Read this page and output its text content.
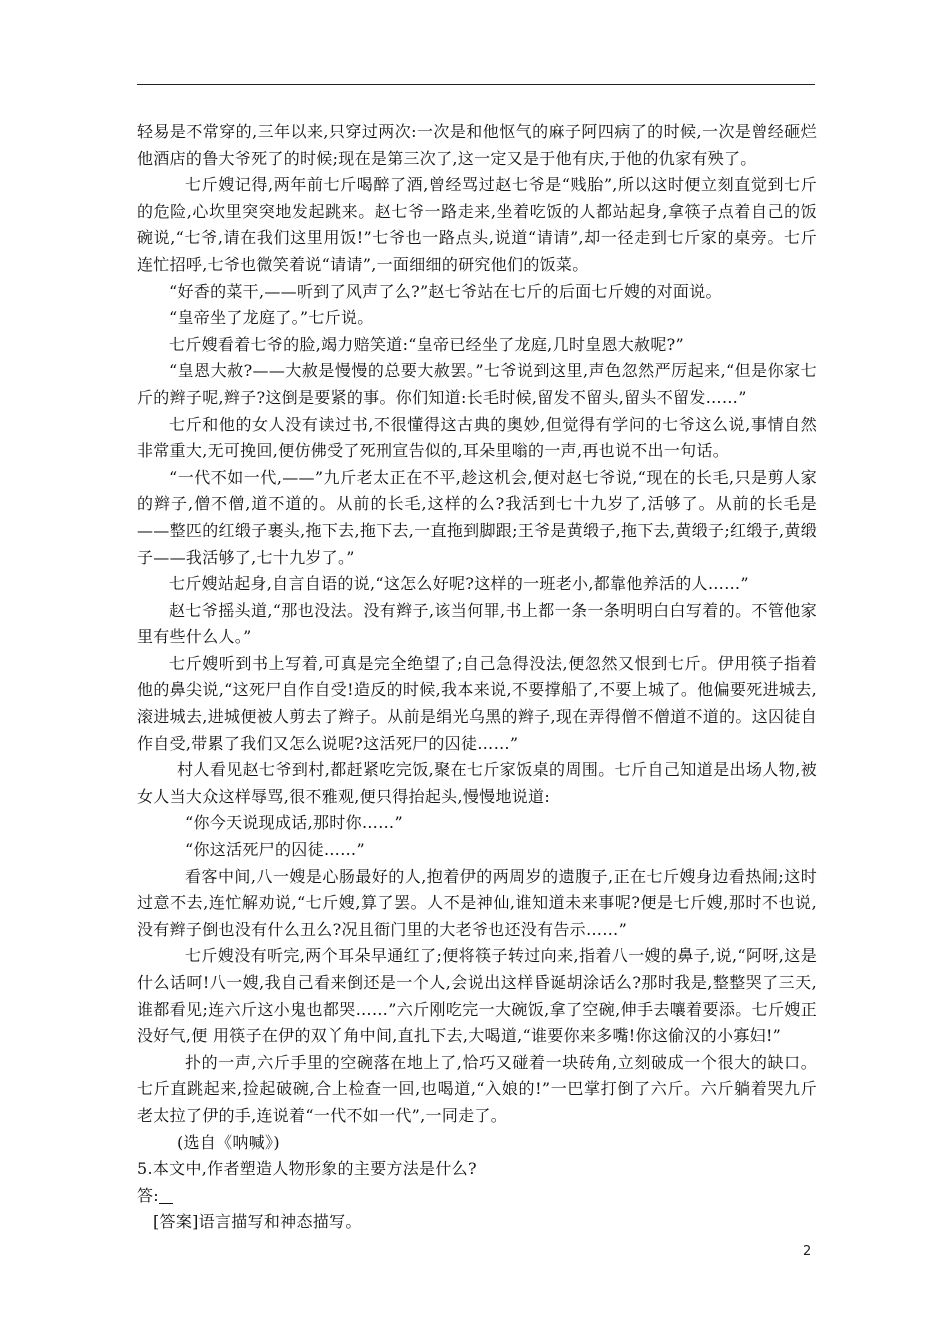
轻易是不常穿的,三年以来,只穿过两次:一次是和他怄气的麻子阿四病了的时候,一次是曾经砸烂他酒店的鲁大爷死了的时候;现在是第三次了,这一定又是于他有庆,于他的仇家有殃了。

七斤嫂记得,两年前七斤喝醉了酒,曾经骂过赵七爷是“贱胎”,所以这时便立刻直觉到七斤的危险,心坎里突突地发起跳来。赵七爷一路走来,坐着吃饭的人都站起身,拿筷子点着自己的饭碗说,“七爷,请在我们这里用饭!”七爷也一路点头,说道“请请”,却一径走到七斤家的桌旁。七斤连忙招呼,七爷也微笑着说“请请”,一面细细的研究他们的饭菜。

“好香的菜干,——听到了风声了么?”赵七爷站在七斤的后面七斤嫂的对面说。

“皇帝坐了龙庭了。”七斤说。

七斤嫂看着七爷的脸,竭力赔笑道:“皇帝已经坐了龙庭,几时皇恩大赦呢?”

“皇恩大赦?——大赦是慢慢的总要大赦罢。”七爷说到这里,声色忽然严厉起来,“但是你家七斤的辫子呢,辫子?这倒是要紧的事。你们知道:长毛时候,留发不留头,留头不留发……”

七斤和他的女人没有读过书,不很懂得这古典的奥妙,但觉得有学问的七爷这么说,事情自然非常重大,无可挽回,便仿佛受了死刑宣告似的,耳朵里嗡的一声,再也说不出一句话。

“一代不如一代,——”九斤老太正在不平,趁这机会,便对赵七爷说,“现在的长毛,只是剪人家的辫子,僧不僧,道不道的。从前的长毛,这样的么?我活到七十九岁了,活够了。从前的长毛是——整匹的红缎子裹头,拖下去,拖下去,一直拖到脚跟;王爷是黄缎子,拖下去,黄缎子;红缎子,黄缎子——我活够了,七十九岁了。”

七斤嫂站起身,自言自语的说,“这怎么好呢?这样的一班老小,都靠他养活的人……”

赵七爷摇头道,“那也没法。没有辫子,该当何罪,书上都一条一条明明白白写着的。不管他家里有些什么人。”

七斤嫂听到书上写着,可真是完全绝望了;自己急得没法,便忽然又恨到七斤。伊用筷子指着他的鼻尖说,“这死尸自作自受!造反的时候,我本来说,不要撑船了,不要上城了。他偏要死进城去,滚进城去,进城便被人剪去了辫子。从前是绢光乌黑的辫子,现在弄得僧不僧道不道的。这囚徒自作自受,带累了我们又怎么说呢?这活死尸的囚徒……”

村人看见赵七爷到村,都赶紧吃完饭,聚在七斤家饭桌的周围。七斤自己知道是出场人物,被女人当大众这样辱骂,很不雅观,便只得抬起头,慢慢地说道:

“你今天说现成话,那时你……”

“你这活死尸的囚徒……”

看客中间,八一嫂是心肠最好的人,抱着伊的两周岁的遗腹子,正在七斤嫂身边看热闹;这时过意不去,连忙解劝说,“七斤嫂,算了罢。人不是神仙,谁知道未来事呢?便是七斤嫂,那时不也说,没有辫子倒也没有什么丑么?况且衙门里的大老爷也还没有告示……”

七斤嫂没有听完,两个耳朵早通红了;便将筷子转过向来,指着八一嫂的鼻子,说,“阿呀,这是什么话呵!八一嫂,我自己看来倒还是一个人,会说出这样昏诞胡涂话么?那时我是,整整哭了三天,谁都看见;连六斤这小鬼也都哭……”六斤刚吃完一大碗饭,拿了空碗,伸手去嚷着要添。七斤嫂正没好气,便 用筷子在伊的双丫角中间,直扎下去,大喝道,“谁要你来多嘴!你这偷汉的小寡妇!”

扑的一声,六斤手里的空碗落在地上了,恰巧又碰着一块砖角,立刻破成一个很大的缺口。七斤直跳起来,捡起破碗,合上检查一回,也喝道,“入娘的!”一巴掌打倒了六斤。六斤躺着哭九斤老太拉了伊的手,连说着“一代不如一代”,一同走了。

(选自《呐喊》)

5.本文中,作者塑造人物形象的主要方法是什么?

答:

[答案]语言描写和神态描写。

2
